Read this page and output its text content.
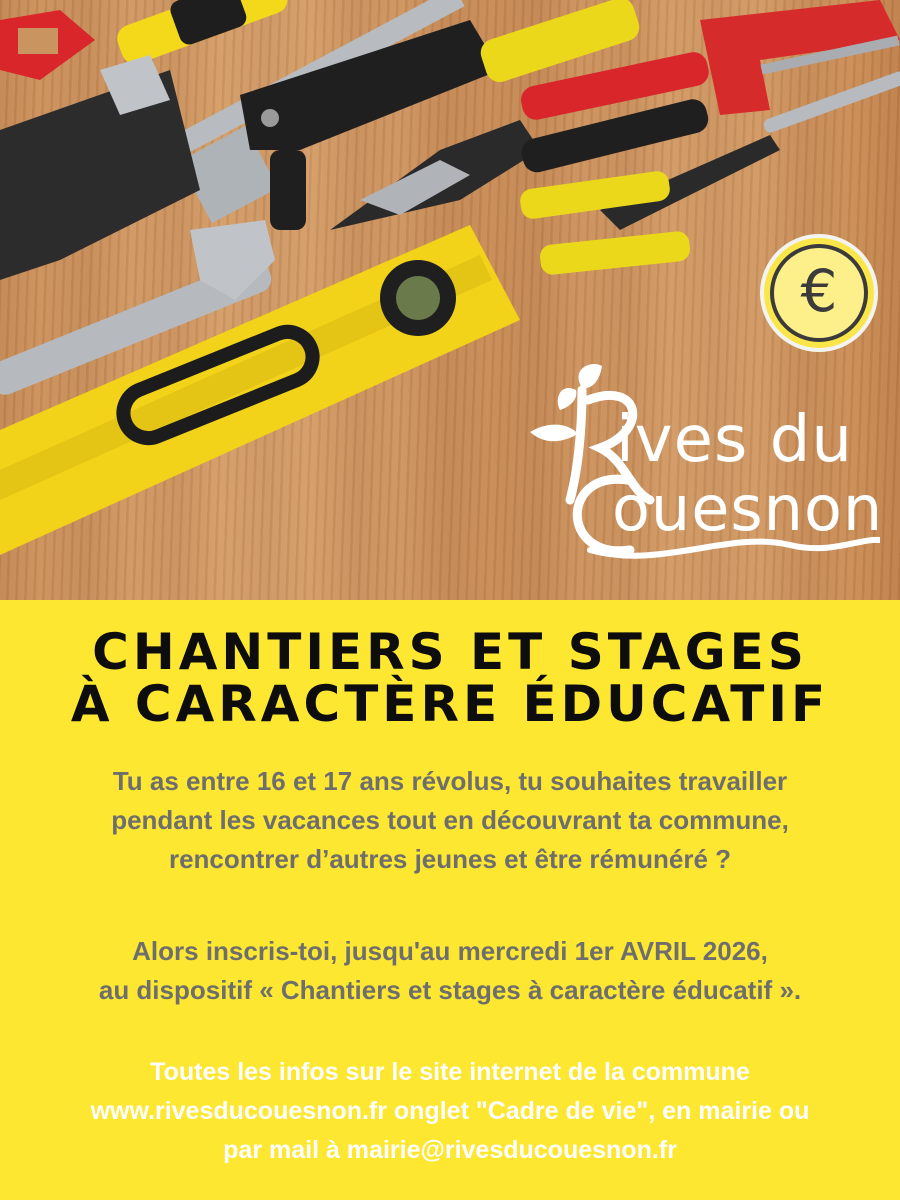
€
ives du
ouesnon
CHANTIERS ET STAGES
À CARACTÈRE ÉDUCATIF
Tu as entre 16 et 17 ans révolus, tu souhaites travailler
pendant les vacances tout en découvrant ta commune,
rencontrer d’autres jeunes et être rémunéré ?
Alors inscris-toi, jusqu'au mercredi 1er AVRIL 2026,
au dispositif « Chantiers et stages à caractère éducatif ».
Toutes les infos sur le site internet de la commune
www.rivesducouesnon.fr onglet "Cadre de vie", en mairie ou
par mail à mairie@rivesducouesnon.fr
